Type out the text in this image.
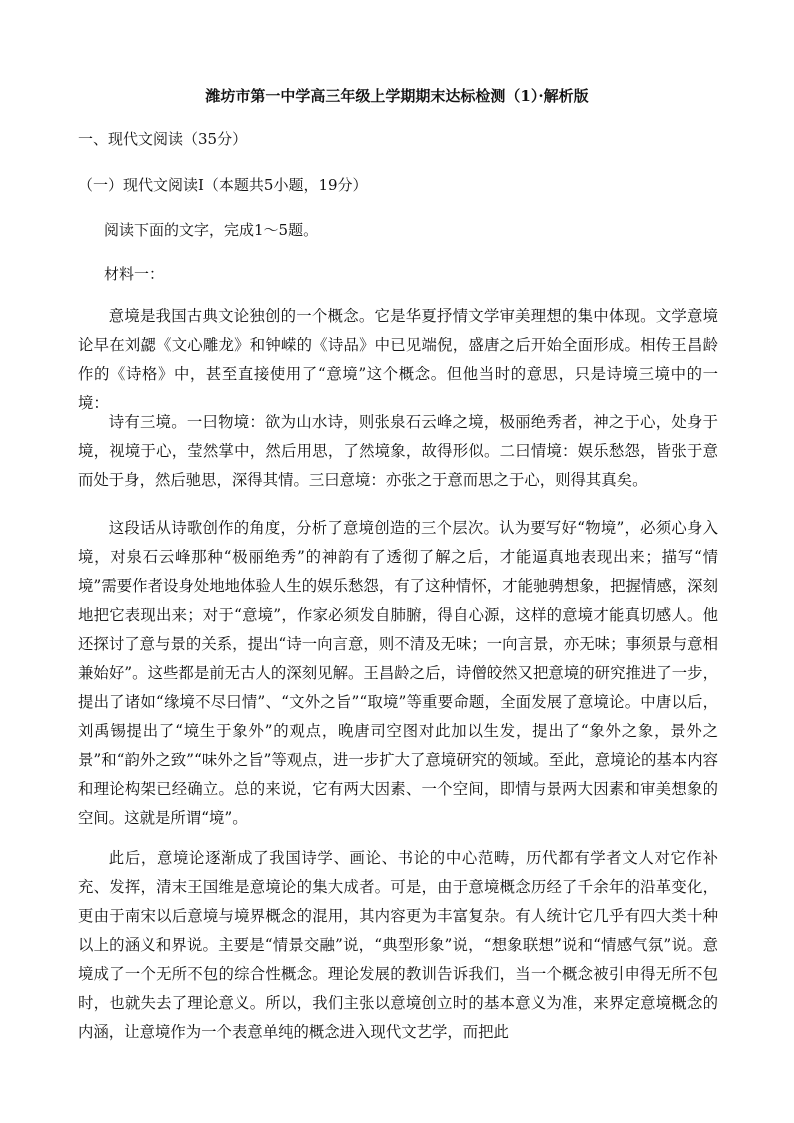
潍坊市第一中学高三年级上学期期末达标检测（1）·解析版
一、现代文阅读（35分）
（一）现代文阅读Ⅰ（本题共5小题，19分）
阅读下面的文字，完成1～5题。
材料一：

意境是我国古典文论独创的一个概念。它是华夏抒情文学审美理想的集中体现。文学意境论早在刘勰《文心雕龙》和钟嵘的《诗品》中已见端倪，盛唐之后开始全面形成。相传王昌龄作的《诗格》中，甚至直接使用了“意境”这个概念。但他当时的意思，只是诗境三境中的一境：

诗有三境。一曰物境：欲为山水诗，则张泉石云峰之境，极丽绝秀者，神之于心，处身于境，视境于心，莹然掌中，然后用思，了然境象，故得形似。二曰情境：娱乐愁怨，皆张于意而处于身，然后驰思，深得其情。三曰意境：亦张之于意而思之于心，则得其真矣。

这段话从诗歌创作的角度，分析了意境创造的三个层次。认为要写好“物境”，必须心身入境，对泉石云峰那种“极丽绝秀”的神韵有了透彻了解之后，才能逼真地表现出来；描写“情境”需要作者设身处地地体验人生的娱乐愁怨，有了这种情怀，才能驰骋想象，把握情感，深刻地把它表现出来；对于“意境”，作家必须发自肺腑，得自心源，这样的意境才能真切感人。他还探讨了意与景的关系，提出“诗一向言意，则不清及无味；一向言景，亦无味；事须景与意相兼始好”。这些都是前无古人的深刻见解。王昌龄之后，诗僧皎然又把意境的研究推进了一步，提出了诸如“缘境不尽曰情”、“文外之旨”“取境”等重要命题，全面发展了意境论。中唐以后，刘禹锡提出了“境生于象外”的观点，晚唐司空图对此加以生发，提出了“象外之象，景外之景”和“韵外之致”“味外之旨”等观点，进一步扩大了意境研究的领域。至此，意境论的基本内容和理论构架已经确立。总的来说，它有两大因素、一个空间，即情与景两大因素和审美想象的空间。这就是所谓“境”。

此后，意境论逐渐成了我国诗学、画论、书论的中心范畴，历代都有学者文人对它作补充、发挥，清末王国维是意境论的集大成者。可是，由于意境概念历经了千余年的沿革变化，更由于南宋以后意境与境界概念的混用，其内容更为丰富复杂。有人统计它几乎有四大类十种以上的涵义和界说。主要是“情景交融”说，“典型形象”说，“想象联想”说和“情感气氛”说。意境成了一个无所不包的综合性概念。理论发展的教训告诉我们，当一个概念被引申得无所不包时，也就失去了理论意义。所以，我们主张以意境创立时的基本意义为准，来界定意境概念的内涵，让意境作为一个表意单纯的概念进入现代文艺学，而把此
